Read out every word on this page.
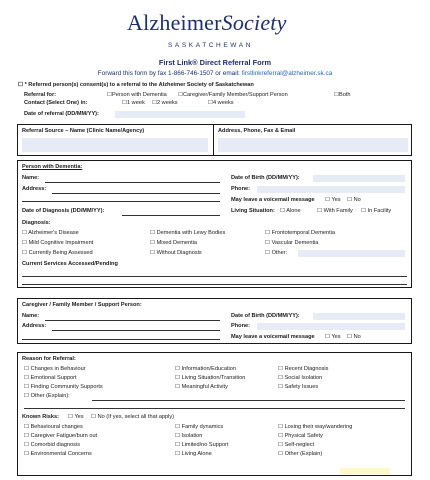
AlzheimerSociety
SASKATCHEWAN
First Link® Direct Referral Form
Forward this form by fax 1-866-746-1507 or email: firstlinkreferral@alzheimer.sk.ca
☐ * Referred person(s) consent(s) to a referral to the Alzheimer Society of Saskatchewan
Referral for:	☐Person with Dementia ☐Caregiver/Family Member/Support Person	☐Both
Contact (Select One) in:	☐1 week ☐2 weeks	☐4 weeks
Date of referral (DD/MM/YY):
Referral Source – Name (Clinic Name/Agency)	Address, Phone, Fax & Email
Person with Dementia:
Name:	Date of Birth (DD/MM/YY):
Address:	Phone:
May leave a voicemail message ☐ Yes ☐ No
Date of Diagnosis (DD/MM/YY):	Living Situation: ☐ Alone	☐ With Family ☐ In Facility
Diagnosis:
☐ Alzheimer's Disease	☐ Dementia with Lewy Bodies	☐ Frontotemporal Dementia
☐ Mild Cognitive Impairment	☐ Mixed Dementia	☐ Vascular Dementia
☐ Currently Being Assessed	☐ Without Diagnosis	☐ Other:
Current Services Accessed/Pending
Caregiver / Family Member / Support Person:
Name:	Date of Birth (DD/MM/YY):
Address:	Phone:
May leave a voicemail message ☐ Yes ☐ No
Reason for Referral:
☐ Changes in Behaviour	☐ Information/Education	☐ Recent Diagnosis
☐ Emotional Support	☐ Living Situation/Transition	☐ Social Isolation
☐ Finding Community Supports	☐ Meaningful Activity	☐ Safety Issues
☐ Other (Explain):
Known Risks: ☐ Yes ☐ No (If yes, select all that apply)
☐ Behavioural changes	☐ Family dynamics	☐ Losing their way/wandering
☐ Caregiver Fatigue/burn out	☐ Isolation	☐ Physical Safety
☐ Comorbid diagnosis	☐ Limited/no Support	☐ Self-neglect
☐ Environmental Concerns	☐ Living Alone	☐ Other (Explain)
